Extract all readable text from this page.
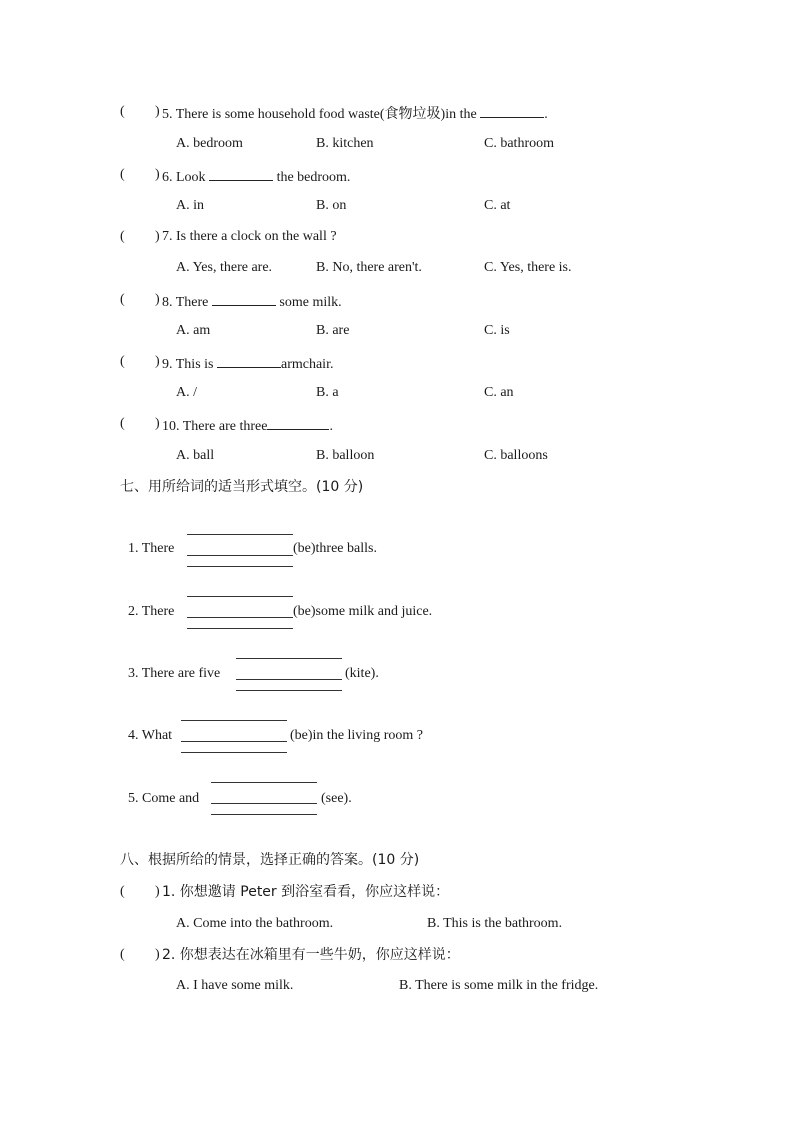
( ) 5. There is some household food waste(食物垃圾)in the	.
A. bedroom	B. kitchen	C. bathroom
( ) 6. Look	the bedroom.
A. in	B. on	C. at
( ) 7. Is there a clock on the wall ?
A. Yes, there are.	B. No, there aren't.	C. Yes, there is.
( ) 8. There	some milk.
A. am	B. are	C. is
( ) 9. This is	armchair.
A. /	B. a	C. an
( ) 10. There are three	.
A. ball	B. balloon	C. balloons
七、用所给词的适当形式填空。(10 分)
1. There	(be)three balls.
2. There	(be)some milk and juice.
3. There are five	(kite).
4. What	(be)in the living room ?
5. Come and	(see).
八、根据所给的情景，选择正确的答案。(10 分)
( ) 1. 你想邀请 Peter 到浴室看看，你应这样说：
A. Come into the bathroom.	B. This is the bathroom.
( ) 2. 你想表达在冰箱里有一些牛奶，你应这样说：
A. I have some milk.	B. There is some milk in the fridge.
